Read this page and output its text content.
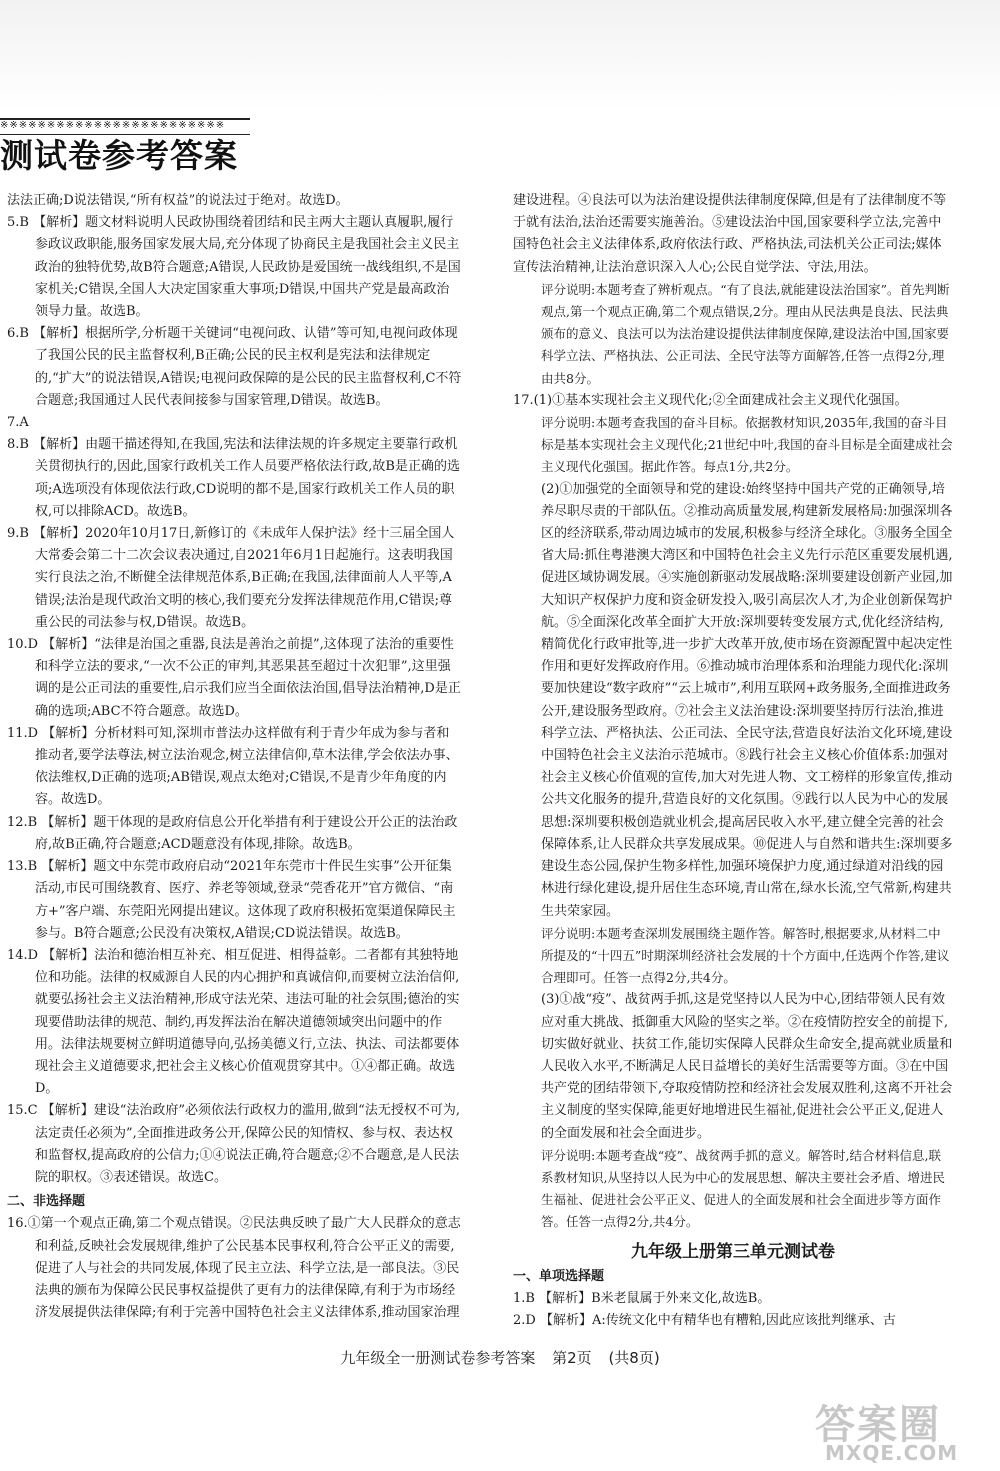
※※※※※※※※※※※※※※※※※※※※※※※※
测试卷参考答案
法法正确;D说法错误,“所有权益”的说法过于绝对。故选D。
5.B 【解析】题文材料说明人民政协围绕着团结和民主两大主题认真履职,履行参政议政职能,服务国家发展大局,充分体现了协商民主是我国社会主义民主政治的独特优势,故B符合题意;A错误,人民政协是爱国统一战线组织,不是国家机关;C错误,全国人大决定国家重大事项;D错误,中国共产党是最高政治领导力量。故选B。
6.B 【解析】根据所学,分析题干关键词“电视问政、认错”等可知,电视问政体现了我国公民的民主监督权利,B正确;公民的民主权利是宪法和法律规定的,“扩大”的说法错误,A错误;电视问政保障的是公民的民主监督权利,C不符合题意;我国通过人民代表间接参与国家管理,D错误。故选B。
7.A
8.B 【解析】由题干描述得知,在我国,宪法和法律法规的许多规定主要靠行政机关贯彻执行的,因此,国家行政机关工作人员要严格依法行政,故B是正确的选项;A选项没有体现依法行政,CD说明的都不是,国家行政机关工作人员的职权,可以排除ACD。故选B。
9.B 【解析】2020年10月17日,新修订的《未成年人保护法》经十三届全国人大常委会第二十二次会议表决通过,自2021年6月1日起施行。这表明我国实行良法之治,不断健全法律规范体系,B正确;在我国,法律面前人人平等,A错误;法治是现代政治文明的核心,我们要充分发挥法律规范作用,C错误;尊重公民的司法参与权,D错误。故选B。
10.D 【解析】“法律是治国之重器,良法是善治之前提”,这体现了法治的重要性和科学立法的要求,“一次不公正的审判,其恶果甚至超过十次犯罪”,这里强调的是公正司法的重要性,启示我们应当全面依法治国,倡导法治精神,D是正确的选项;ABC不符合题意。故选D。
11.D 【解析】分析材料可知,深圳市普法办这样做有利于青少年成为参与者和推动者,要学法尊法,树立法治观念,树立法律信仰,草木法律,学会依法办事、依法维权,D正确的选项;AB错误,观点太绝对;C错误,不是青少年角度的内容。故选D。
12.B 【解析】题干体现的是政府信息公开化举措有利于建设公开公正的法治政府,故B正确,符合题意;ACD题意没有体现,排除。故选B。
13.B 【解析】题文中东莞市政府启动“2021年东莞市十件民生实事”公开征集活动,市民可围绕教育、医疗、养老等领域,登录“莞香花开”官方微信、“南方+”客户端、东莞阳光网提出建议。这体现了政府积极拓宽渠道保障民主参与。B符合题意;公民没有决策权,A错误;CD说法错误。故选B。
14.D 【解析】法治和德治相互补充、相互促进、相得益彰。二者都有其独特地位和功能。法律的权威源自人民的内心拥护和真诚信仰,而要树立法治信仰,就要弘扬社会主义法治精神,形成守法光荣、违法可耻的社会氛围;德治的实现要借助法律的规范、制约,再发挥法治在解决道德领域突出问题中的作用。法律法规要树立鲜明道德导向,弘扬美德义行,立法、执法、司法都要体现社会主义道德要求,把社会主义核心价值观贯穿其中。①④都正确。故选D。
15.C 【解析】建设“法治政府”必须依法行政权力的滥用,做到“法无授权不可为,法定责任必须为”,全面推进政务公开,保障公民的知情权、参与权、表达权和监督权,提高政府的公信力;①④说法正确,符合题意;②不合题意,是人民法院的职权。③表述错误。故选C。
二、非选择题
16.①第一个观点正确,第二个观点错误。②民法典反映了最广大人民群众的意志和利益,反映社会发展规律,维护了公民基本民事权利,符合公平正义的需要,促进了人与社会的共同发展,体现了民主立法、科学立法,是一部良法。③民法典的颁布为保障公民民事权益提供了更有力的法律保障,有利于为市场经济发展提供法律保障;有利于完善中国特色社会主义法律体系,推动国家治理
建设进程。④良法可以为法治建设提供法律制度保障,但是有了法律制度不等于就有法治,法治还需要实施善治。⑤建设法治中国,国家要科学立法,完善中国特色社会主义法律体系,政府依法行政、严格执法,司法机关公正司法;媒体宣传法治精神,让法治意识深入人心;公民自觉学法、守法,用法。
评分说明:本题考查了辨析观点。“有了良法,就能建设法治国家”。首先判断观点,第一个观点正确,第二个观点错误,2分。理由从民法典是良法、民法典颁布的意义、良法可以为法治建设提供法律制度保障,建设法治中国,国家要科学立法、严格执法、公正司法、全民守法等方面解答,任答一点得2分,理由共8分。
17.(1)①基本实现社会主义现代化;②全面建成社会主义现代化强国。
评分说明:本题考查我国的奋斗目标。依据教材知识,2035年,我国的奋斗目标是基本实现社会主义现代化;21世纪中叶,我国的奋斗目标是全面建成社会主义现代化强国。据此作答。每点1分,共2分。
(2)①加强党的全面领导和党的建设:始终坚持中国共产党的正确领导,培养尽职尽责的干部队伍。②推动高质量发展,构建新发展格局:加强深圳各区的经济联系,带动周边城市的发展,积极参与经济全球化。③服务全国全省大局:抓住粤港澳大湾区和中国特色社会主义先行示范区重要发展机遇,促进区域协调发展。④实施创新驱动发展战略:深圳要建设创新产业园,加大知识产权保护力度和资金研发投入,吸引高层次人才,为企业创新保驾护航。⑤全面深化改革全面扩大开放:深圳要转变发展方式,优化经济结构,精简优化行政审批等,进一步扩大改革开放,使市场在资源配置中起决定性作用和更好发挥政府作用。⑥推动城市治理体系和治理能力现代化:深圳要加快建设“数字政府”“云上城市”,利用互联网+政务服务,全面推进政务公开,建设服务型政府。⑦社会主义法治建设:深圳要坚持厉行法治,推进科学立法、严格执法、公正司法、全民守法,营造良好法治文化环境,建设中国特色社会主义法治示范城市。⑧践行社会主义核心价值体系:加强对社会主义核心价值观的宣传,加大对先进人物、文工榜样的形象宣传,推动公共文化服务的提升,营造良好的文化氛围。⑨践行以人民为中心的发展思想:深圳要积极创造就业机会,提高居民收入水平,建立健全完善的社会保障体系,让人民群众共享发展成果。⑩促进人与自然和谐共生:深圳要多建设生态公园,保护生物多样性,加强环境保护力度,通过绿道对沿线的园林进行绿化建设,提升居住生态环境,青山常在,绿水长流,空气常新,构建共生共荣家园。
评分说明:本题考查深圳发展围绕主题作答。解答时,根据要求,从材料二中所提及的“十四五”时期深圳经济社会发展的十个方面中,任选两个作答,建议合理即可。任答一点得2分,共4分。
(3)①战“疫”、战贫两手抓,这是党坚持以人民为中心,团结带领人民有效应对重大挑战、抵御重大风险的坚实之举。②在疫情防控安全的前提下,切实做好就业、扶贫工作,能切实保障人民群众生命安全,提高就业质量和人民收入水平,不断满足人民日益增长的美好生活需要等方面。③在中国共产党的团结带领下,夺取疫情防控和经济社会发展双胜利,这离不开社会主义制度的坚实保障,能更好地增进民生福祉,促进社会公平正义,促进人的全面发展和社会全面进步。
评分说明:本题考查战“疫”、战贫两手抓的意义。解答时,结合材料信息,联系教材知识,从坚持以人民为中心的发展思想、解决主要社会矛盾、增进民生福祉、促进社会公平正义、促进人的全面发展和社会全面进步等方面作答。任答一点得2分,共4分。
九年级上册第三单元测试卷
一、单项选择题
1.B 【解析】B米老鼠属于外来文化,故选B。
2.D 【解析】A:传统文化中有精华也有糟粕,因此应该批判继承、古
九年级全一册测试卷参考答案 第2页 (共8页)
答案圈
MXQE.COM
